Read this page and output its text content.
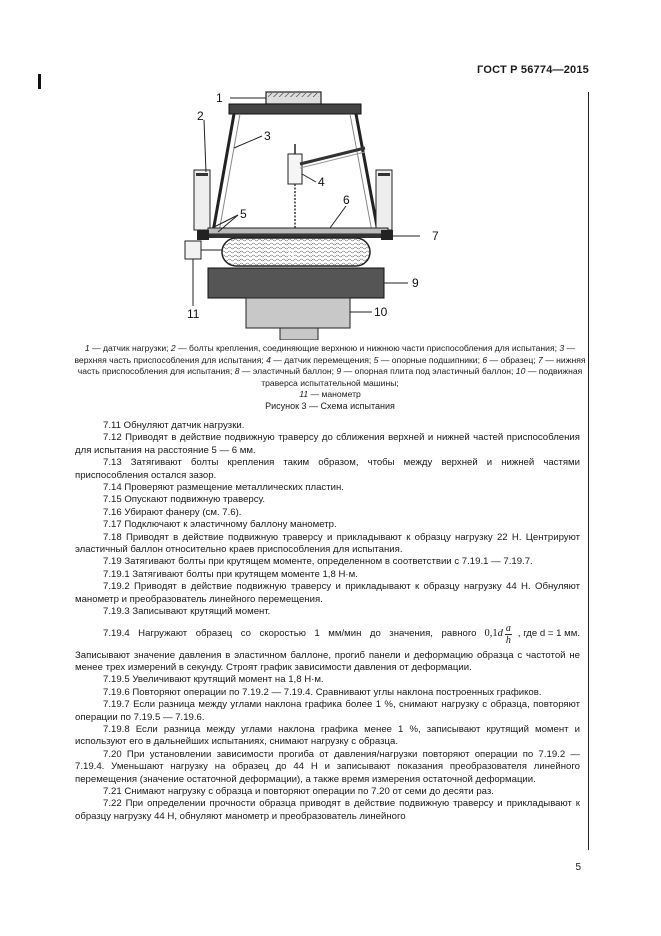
ГОСТ Р 56774—2015
1
2
3
4
5
6
7
8
9
10
11
1 — датчик нагрузки; 2 — болты крепления, соединяющие верхнюю и нижнюю части приспособления для испытания; 3 — верхняя часть приспособления для испытания; 4 — датчик перемещения; 5 — опорные подшипники; 6 — образец; 7 — нижняя часть приспособления для испытания; 8 — эластичный баллон; 9 — опорная плита под эластичный баллон; 10 — подвижная траверса испытательной машины;
11 — манометр
Рисунок 3 — Схема испытания

7.11 Обнуляют датчик нагрузки.

7.12 Приводят в действие подвижную траверсу до сближения верхней и нижней частей приспособления для испытания на расстояние 5 — 6 мм.

7.13 Затягивают болты крепления таким образом, чтобы между верхней и нижней частями приспособления остался зазор.

7.14 Проверяют размещение металлических пластин.

7.15 Опускают подвижную траверсу.

7.16 Убирают фанеру (см. 7.6).

7.17 Подключают к эластичному баллону манометр.

7.18 Приводят в действие подвижную траверсу и прикладывают к образцу нагрузку 22 Н. Центрируют эластичный баллон относительно краев приспособления для испытания.

7.19 Затягивают болты при крутящем моменте, определенном в соответствии с 7.19.1 — 7.19.7.

7.19.1 Затягивают болты при крутящем моменте 1,8 Н·м.

7.19.2 Приводят в действие подвижную траверсу и прикладывают к образцу нагрузку 44 Н. Обнуляют манометр и преобразователь линейного перемещения.

7.19.3 Записывают крутящий момент.

7.19.4 Нагружают образец со скоростью 1 мм/мин до значения, равного 0,1 d $\frac{a}{h}$ , где d = 1 мм.

Записывают значение давления в эластичном баллоне, прогиб панели и деформацию образца с частотой не менее трех измерений в секунду. Строят график зависимости давления от деформации.

7.19.5 Увеличивают крутящий момент на 1,8 Н·м.

7.19.6 Повторяют операции по 7.19.2 — 7.19.4. Сравнивают углы наклона построенных графиков.

7.19.7 Если разница между углами наклона графика более 1 %, снимают нагрузку с образца, повторяют операции по 7.19.5 — 7.19.6.

7.19.8 Если разница между углами наклона графика менее 1 %, записывают крутящий момент и используют его в дальнейших испытаниях, снимают нагрузку с образца.

7.20 При установлении зависимости прогиба от давления/нагрузки повторяют операции по 7.19.2 — 7.19.4. Уменьшают нагрузку на образец до 44 Н и записывают показания преобразователя линейного перемещения (значение остаточной деформации), а также время измерения остаточной деформации.

7.21 Снимают нагрузку с образца и повторяют операции по 7.20 от семи до десяти раз.

7.22 При определении прочности образца приводят в действие подвижную траверсу и прикладывают к образцу нагрузку 44 Н, обнуляют манометр и преобразователь линейного

5
